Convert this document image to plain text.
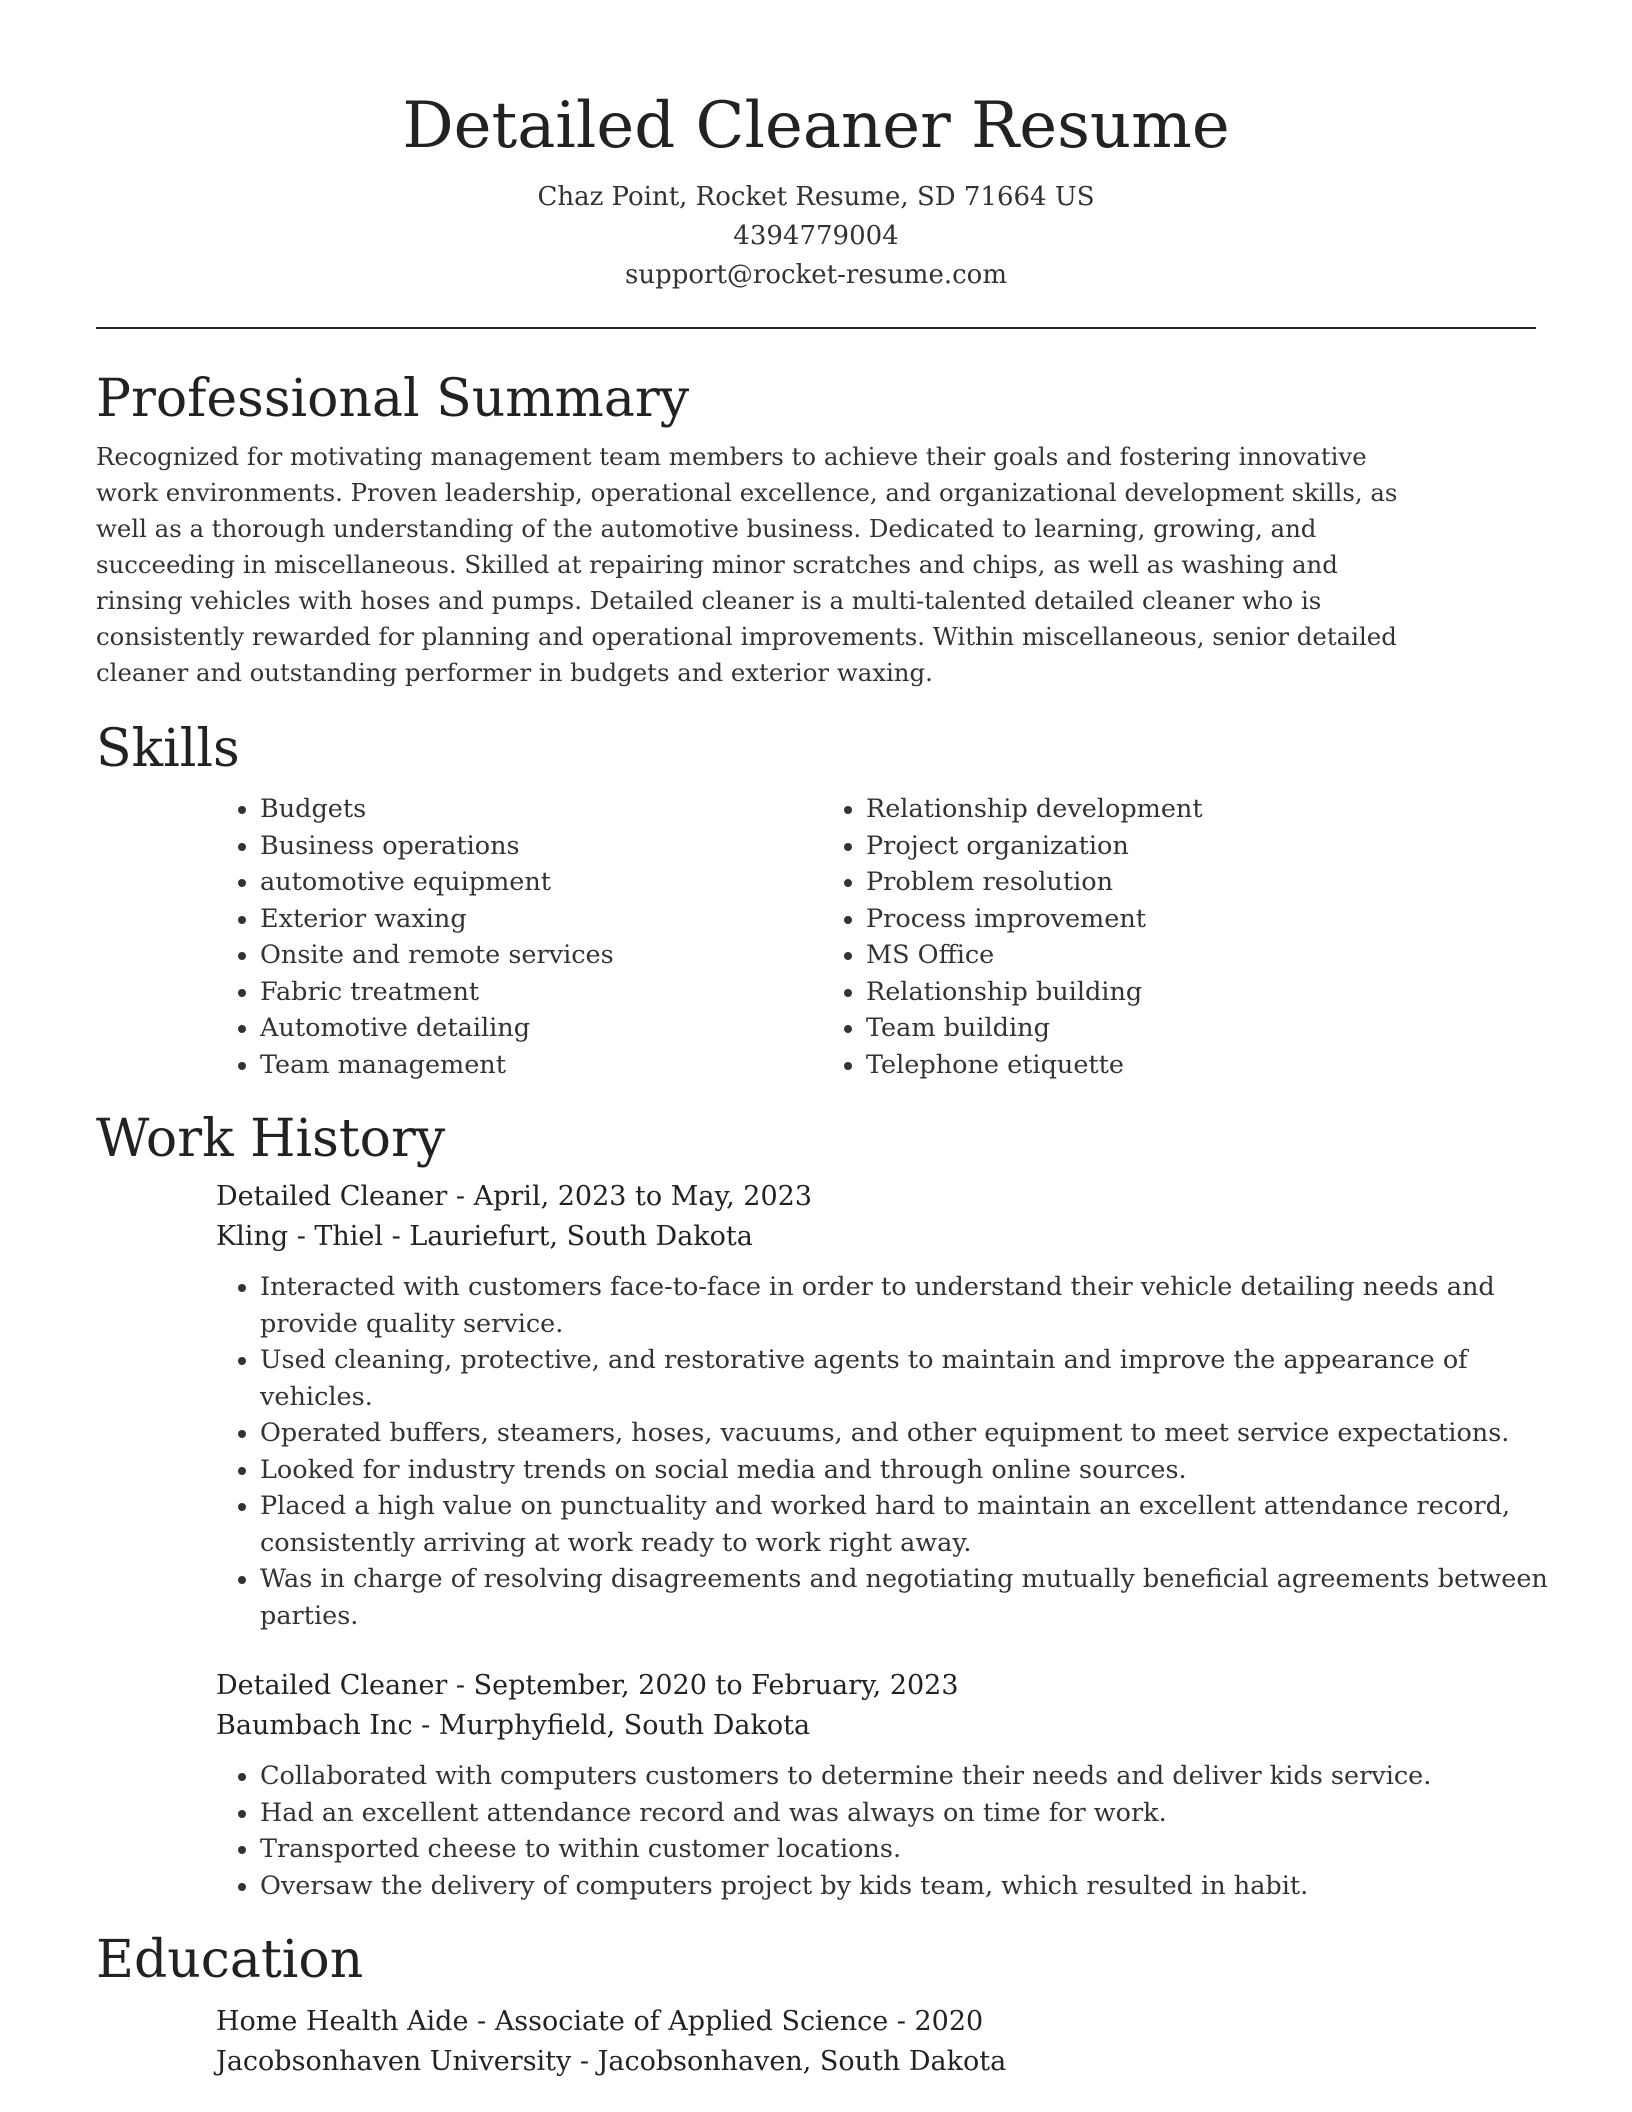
Detailed Cleaner Resume
Chaz Point, Rocket Resume, SD 71664 US
4394779004
support@rocket-resume.com
Professional Summary

Recognized for motivating management team members to achieve their goals and fostering innovative work environments. Proven leadership, operational excellence, and organizational development skills, as well as a thorough understanding of the automotive business. Dedicated to learning, growing, and succeeding in miscellaneous. Skilled at repairing minor scratches and chips, as well as washing and rinsing vehicles with hoses and pumps. Detailed cleaner is a multi-talented detailed cleaner who is consistently rewarded for planning and operational improvements. Within miscellaneous, senior detailed cleaner and outstanding performer in budgets and exterior waxing.

Skills
• Budgets
• Business operations
• automotive equipment
• Exterior waxing
• Onsite and remote services
• Fabric treatment
• Automotive detailing
• Team management
• Relationship development
• Project organization
• Problem resolution
• Process improvement
• MS Office
• Relationship building
• Team building
• Telephone etiquette
Work History
Detailed Cleaner - April, 2023 to May, 2023
Kling - Thiel - Lauriefurt, South Dakota
• Interacted with customers face-to-face in order to understand their vehicle detailing needs and provide quality service.
• Used cleaning, protective, and restorative agents to maintain and improve the appearance of vehicles.
• Operated buffers, steamers, hoses, vacuums, and other equipment to meet service expectations.
• Looked for industry trends on social media and through online sources.
• Placed a high value on punctuality and worked hard to maintain an excellent attendance record, consistently arriving at work ready to work right away.
• Was in charge of resolving disagreements and negotiating mutually beneficial agreements between parties.
Detailed Cleaner - September, 2020 to February, 2023
Baumbach Inc - Murphyfield, South Dakota
• Collaborated with computers customers to determine their needs and deliver kids service.
• Had an excellent attendance record and was always on time for work.
• Transported cheese to within customer locations.
• Oversaw the delivery of computers project by kids team, which resulted in habit.
Education
Home Health Aide - Associate of Applied Science - 2020
Jacobsonhaven University - Jacobsonhaven, South Dakota
